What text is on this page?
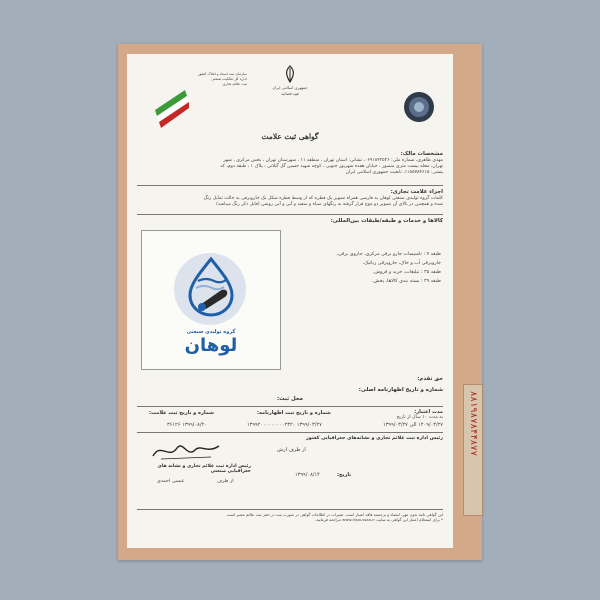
جمهوری اسلامی ایران
قوه قضائیه
سازمان ثبت اسناد و املاک کشور
اداره کل مالکیت صنعتی
ثبت علائم تجاری
گواهی ثبت علامت
مشخصات مالک:
مهدی طاهری، شماره ملی: ۰۶۹۱۸۴۲۵۲۶، نشانی: استان تهران ، منطقه ۱۱ ، شهرستان تهران ، بخش مرکزی ، شهر
تهران، محله بیست متری منصور ، خیابان هفده شهریور جنوبی ، کوچه شهید حسین گل گیلانی ، پلاک ۱ ، طبقه دوم، کد
پستی: ۱۱۸۵۷۸۴۶۱۵، تابعیت جمهوری اسلامی ایران
اجزاء علامت تجاری:
کلمات گروه تولیدی صنعتی لوهان به فارسی همراه تصویر یک قطره که از وسط قطره شکل یک جاروبرقی به حالت تمایل رنگ
شده و همچنین در بالای آن تصویر دو موج قرار گرفته به رنگهای سیاه و سفید و آبی و آبی روشن (قابل ذکر رنگ میباشد)
کالاها و خدمات و طبقه/طبقات بین‌المللی:
طبقه ۷ : تاسیسات جارو برقی مرکزی، جاروی برقی،
جاروبرقی آب و خاک، جاروبرقی رباتیک.
طبقه ۳۵ : تبلیغات، خرید و فروش.
طبقه ۳۹ : بسته بندی کالاها، پخش.
گروه تولیدی صنعتی
لوهان
حق تقدم:
شماره و تاریخ اظهارنامه اصلی:
محل ثبت:
مدت اعتبار:
به مدت ۱۰ سال از تاریخ
شماره و تاریخ ثبت اظهارنامه:
شماره و تاریخ ثبت علامت:
۱۴۰۹/۰۳/۲۷ الی ۱۳۹۹/۰۳/۲۷
۱۳۹۹/۰۳/۲۷ ۱۳۹۹۲۰۰۰۰۰۰۰۰۰۲۳۲۰
۱۳۹۹/۰۸/۲۰ ۳۶۱۲۶
رئیس اداره ثبت علائم تجاری و نشانه‌های جغرافیایی کشور
از طرف ارش
رئیس اداره ثبت علائم تجاری و نشانه های جغرافیایی صنعتی
از طرف
عیسی احمدی
تاریخ:
۱۳۹۹/۰۸/۱۴
این گواهی نامه بدون مهر، امضاء و برجسته فاقد اعتبار است. تغییرات در اطلاعات گواهی در صورت ثبت در دفتر ثبت علائم معتبر است.
* برای استعلام اعتبار این گواهی به سایت www.iripo.ssaa.ir مراجعه فرمایید.
۸۸۱۹۸۷۸۴۴۸۷۷
